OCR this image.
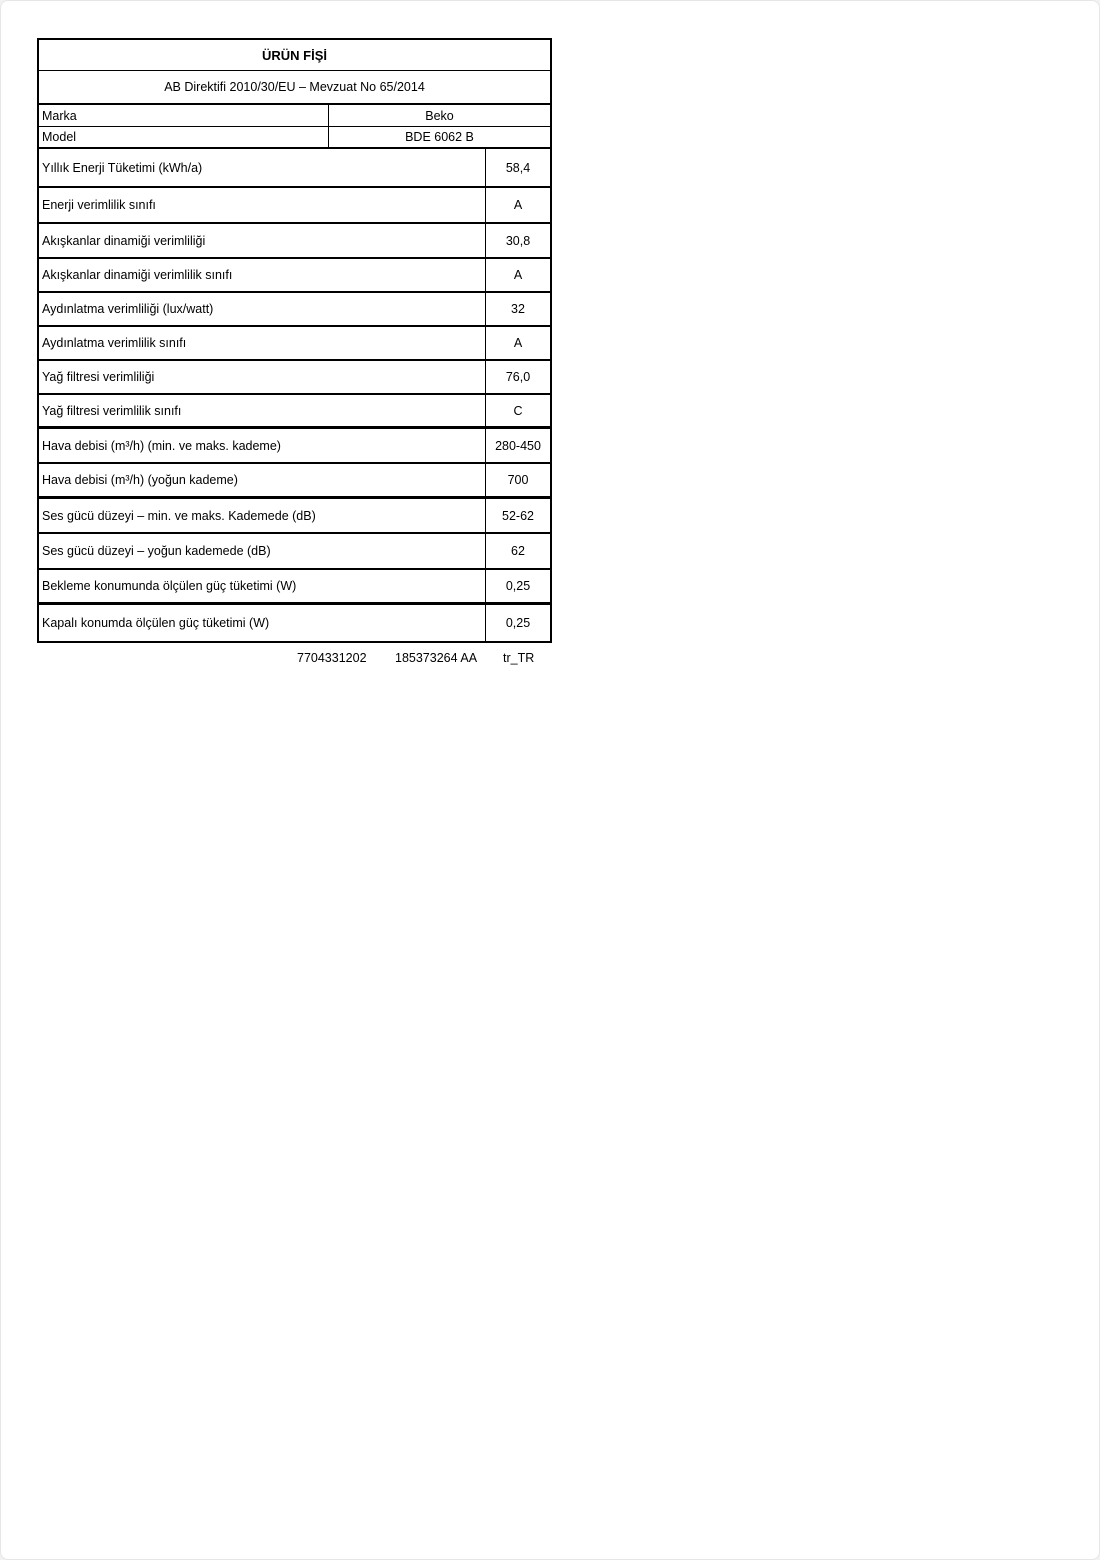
ÜRÜN FİŞİ
AB Direktifi 2010/30/EU – Mevzuat No 65/2014
Marka	Beko
Model	BDE 6062 B
Yıllık Enerji Tüketimi (kWh/a)	58,4
Enerji verimlilik sınıfı	A
Akışkanlar dinamiği verimliliği	30,8
Akışkanlar dinamiği verimlilik sınıfı	A
Aydınlatma verimliliği (lux/watt)	32
Aydınlatma verimlilik sınıfı	A
Yağ filtresi verimliliği	76,0
Yağ filtresi verimlilik sınıfı	C
Hava debisi (m³/h) (min. ve maks. kademe)	280-450
Hava debisi (m³/h) (yoğun kademe)	700
Ses gücü düzeyi – min. ve maks. Kademede (dB)	52-62
Ses gücü düzeyi – yoğun kademede (dB)	62
Bekleme konumunda ölçülen güç tüketimi (W)	0,25
Kapalı konumda ölçülen güç tüketimi (W)	0,25
7704331202 185373264 AA tr_TR
